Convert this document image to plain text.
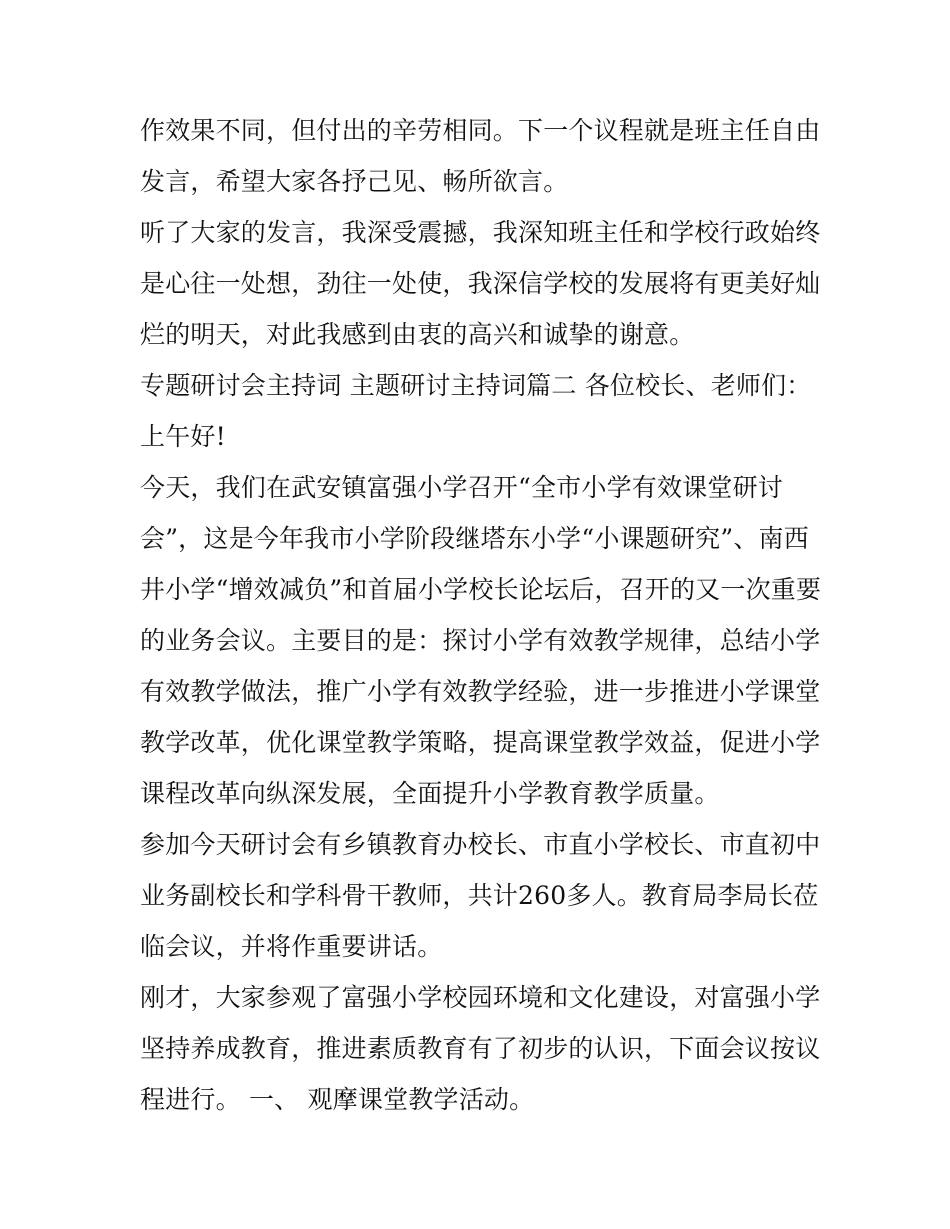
作效果不同，但付出的辛劳相同。下一个议程就是班主任自由
发言，希望大家各抒己见、畅所欲言。

听了大家的发言，我深受震撼，我深知班主任和学校行政始终
是心往一处想，劲往一处使，我深信学校的发展将有更美好灿
烂的明天，对此我感到由衷的高兴和诚挚的谢意。

专题研讨会主持词 主题研讨主持词篇二 各位校长、老师们：

上午好!

今天，我们在武安镇富强小学召开“全市小学有效课堂研讨
会”，这是今年我市小学阶段继塔东小学“小课题研究”、南西
井小学“增效减负”和首届小学校长论坛后，召开的又一次重要
的业务会议。主要目的是：探讨小学有效教学规律，总结小学
有效教学做法，推广小学有效教学经验，进一步推进小学课堂
教学改革，优化课堂教学策略，提高课堂教学效益，促进小学
课程改革向纵深发展，全面提升小学教育教学质量。

参加今天研讨会有乡镇教育办校长、市直小学校长、市直初中
业务副校长和学科骨干教师，共计260多人。教育局李局长莅
临会议，并将作重要讲话。

刚才，大家参观了富强小学校园环境和文化建设，对富强小学
坚持养成教育，推进素质教育有了初步的认识，下面会议按议
程进行。 一、 观摩课堂教学活动。
